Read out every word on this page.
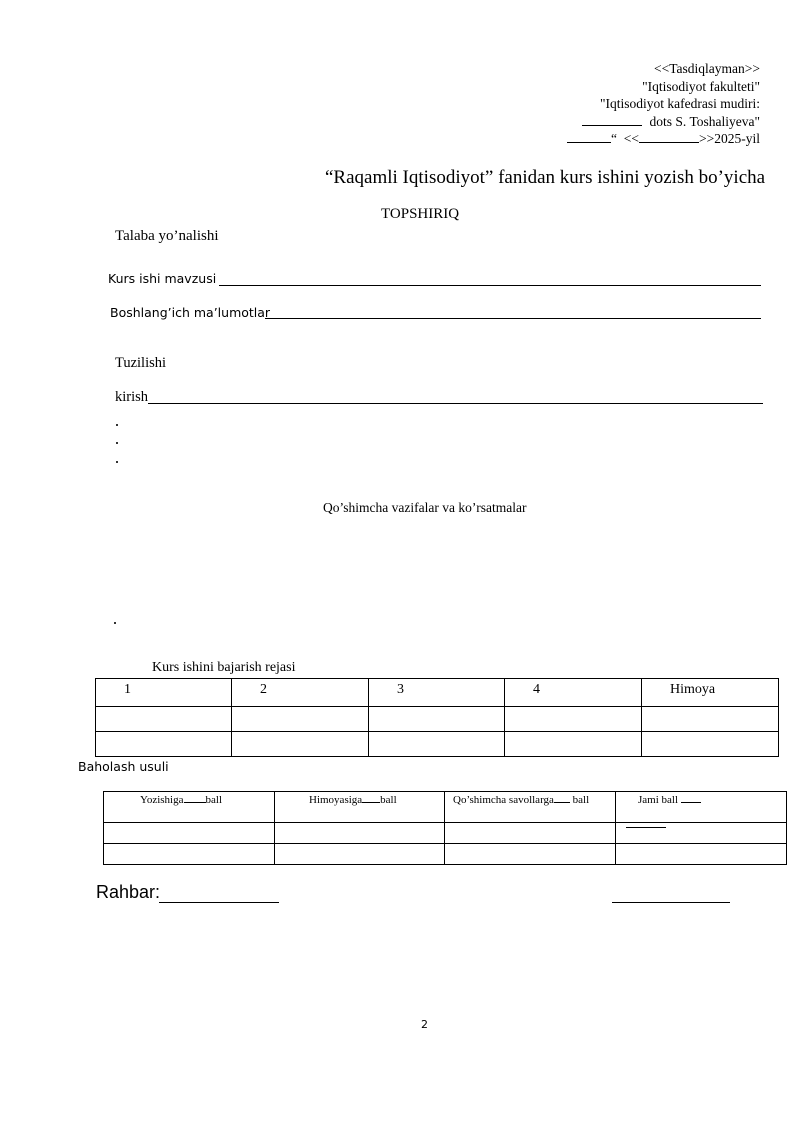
<<Tasdiqlayman>>
"Iqtisodiyot fakulteti"
"Iqtisodiyot kafedrasi mudiri:
dots S. Toshaliyeva"
“ <<	>>2025-yil
“Raqamli Iqtisodiyot” fanidan kurs ishini yozish bo’yicha
TOPSHIRIQ
Talaba yo’nalishi
Kurs ishi mavzusi
Boshlang’ich ma’lumotlar
Tuzilishi
kirish
Qo’shimcha vazifalar va ko’rsatmalar
Kurs ishini bajarish rejasi
1	2	3	4	Himoya

Baholash usuli
Yozishiga ball	Himoyasiga ball	Qo’shimcha savollarga ball	Jami ball

Rahbar:
2
